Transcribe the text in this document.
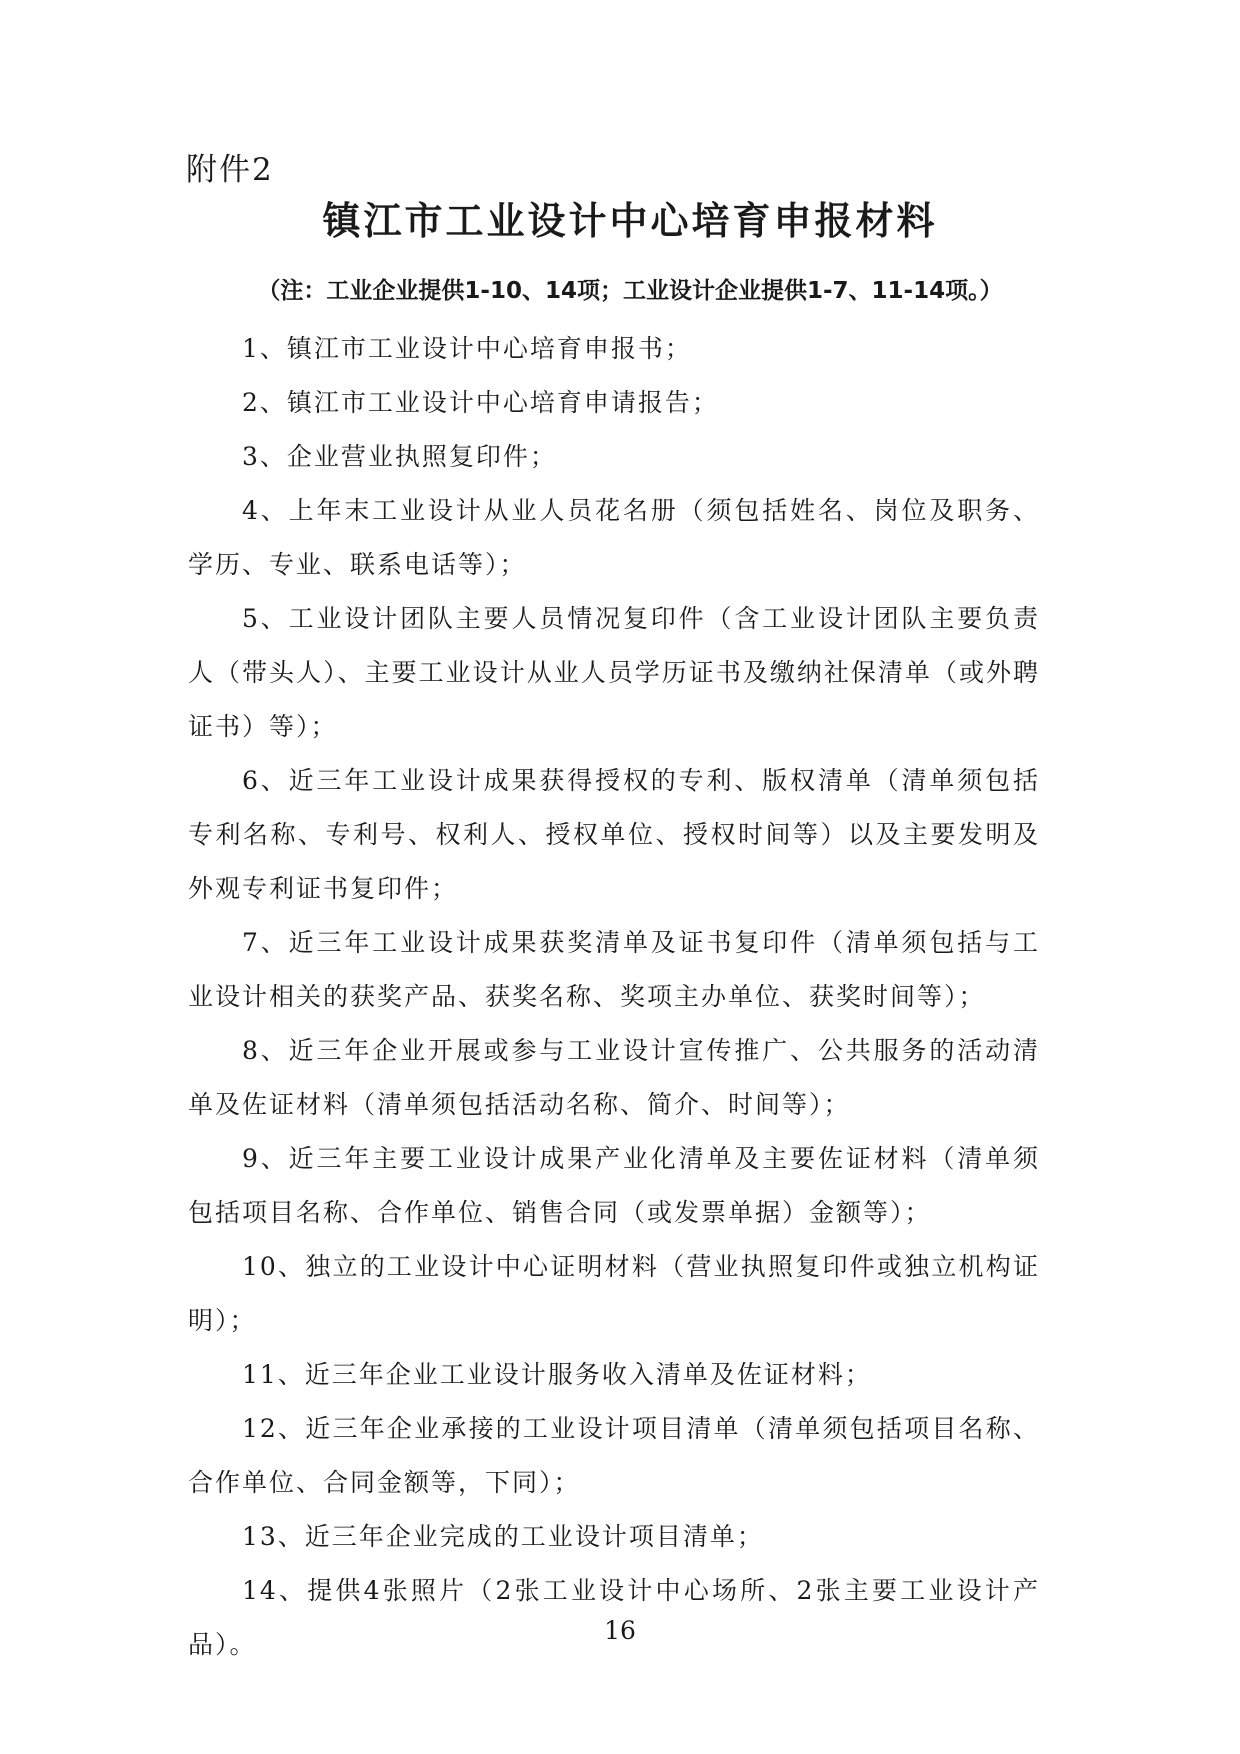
附件2
镇江市工业设计中心培育申报材料
（注：工业企业提供1-10、14项；工业设计企业提供1-7、11-14项。）

1、镇江市工业设计中心培育申报书；

2、镇江市工业设计中心培育申请报告；

3、企业营业执照复印件；

4、上年末工业设计从业人员花名册（须包括姓名、岗位及职务、学历、专业、联系电话等）；

5、工业设计团队主要人员情况复印件（含工业设计团队主要负责人（带头人）、主要工业设计从业人员学历证书及缴纳社保清单（或外聘证书）等）；

6、近三年工业设计成果获得授权的专利、版权清单（清单须包括专利名称、专利号、权利人、授权单位、授权时间等）以及主要发明及外观专利证书复印件；

7、近三年工业设计成果获奖清单及证书复印件（清单须包括与工业设计相关的获奖产品、获奖名称、奖项主办单位、获奖时间等）；

8、近三年企业开展或参与工业设计宣传推广、公共服务的活动清单及佐证材料（清单须包括活动名称、简介、时间等）；

9、近三年主要工业设计成果产业化清单及主要佐证材料（清单须包括项目名称、合作单位、销售合同（或发票单据）金额等）；

10、独立的工业设计中心证明材料（营业执照复印件或独立机构证明）；

11、近三年企业工业设计服务收入清单及佐证材料；

12、近三年企业承接的工业设计项目清单（清单须包括项目名称、合作单位、合同金额等，下同）；

13、近三年企业完成的工业设计项目清单；

14、提供4张照片（2张工业设计中心场所、2张主要工业设计产品）。	16
